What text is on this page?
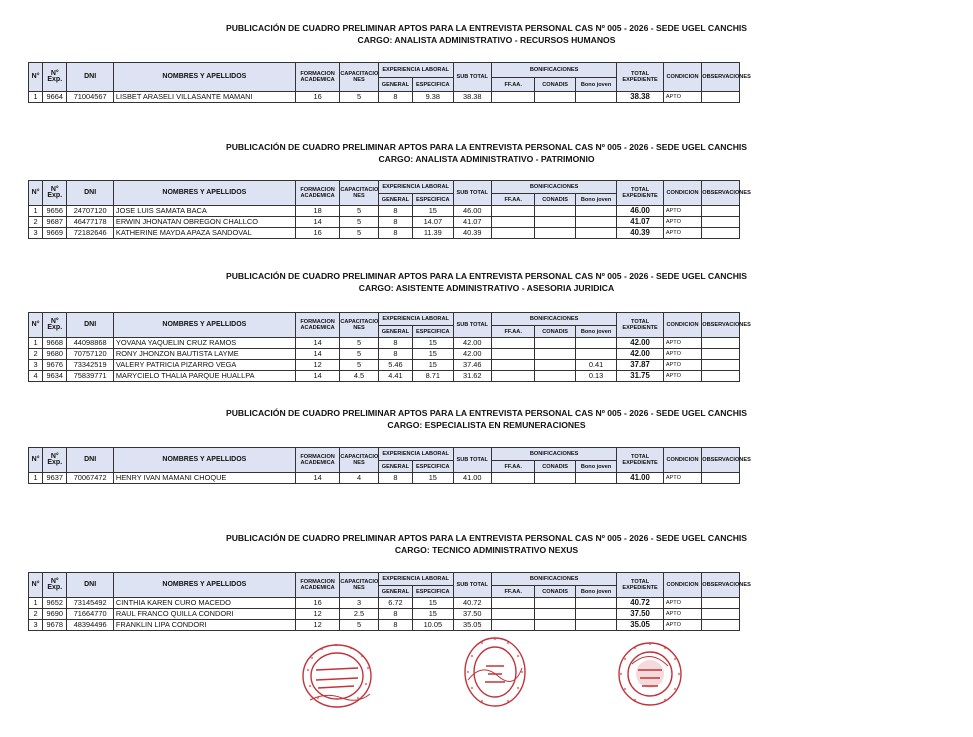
PUBLICACIÓN DE CUADRO PRELIMINAR APTOS PARA LA ENTREVISTA PERSONAL CAS Nº 005 - 2026 - SEDE UGEL CANCHIS
CARGO: ANALISTA ADMINISTRATIVO - RECURSOS HUMANOS
PUBLICACIÓN DE CUADRO PRELIMINAR APTOS PARA LA ENTREVISTA PERSONAL CAS Nº 005 - 2026 - SEDE UGEL CANCHIS
CARGO: ANALISTA ADMINISTRATIVO - PATRIMONIO
PUBLICACIÓN DE CUADRO PRELIMINAR APTOS PARA LA ENTREVISTA PERSONAL CAS Nº 005 - 2026 - SEDE UGEL CANCHIS
CARGO: ASISTENTE ADMINISTRATIVO - ASESORIA JURIDICA
PUBLICACIÓN DE CUADRO PRELIMINAR APTOS PARA LA ENTREVISTA PERSONAL CAS Nº 005 - 2026 - SEDE UGEL CANCHIS
CARGO: ESPECIALISTA EN REMUNERACIONES
PUBLICACIÓN DE CUADRO PRELIMINAR APTOS PARA LA ENTREVISTA PERSONAL CAS Nº 005 - 2026 - SEDE UGEL CANCHIS
CARGO: TECNICO ADMINISTRATIVO NEXUS
N°	N°
Exp.	DNI	NOMBRES Y APELLIDOS	FORMACION
ACADEMICA	CAPACITACIO
NES	EXPERIENCIA LABORAL		SUB TOTAL	BONIFICACIONES			TOTAL
EXPEDIENTE	CONDICION	OBSERVACIONES
						GENERAL	ESPECIFICA		FF.AA.	CONADIS	Bono joven			
1	9664	71004567	LISBET ARASELI VILLASANTE MAMANI	16	5	8	9.38	38.38				38.38	APTO	
N°	N°
Exp.	DNI	NOMBRES Y APELLIDOS	FORMACION
ACADEMICA	CAPACITACIO
NES	EXPERIENCIA LABORAL		SUB TOTAL	BONIFICACIONES			TOTAL
EXPEDIENTE	CONDICION	OBSERVACIONES
						GENERAL	ESPECIFICA		FF.AA.	CONADIS	Bono joven			
1	9656	24707120	JOSE LUIS SAMATA BACA	18	5	8	15	46.00				46.00	APTO	
2	9687	46477178	ERWIN JHONATAN OBREGON CHALLCO	14	5	8	14.07	41.07				41.07	APTO	
3	9669	72182646	KATHERINE MAYDA APAZA SANDOVAL	16	5	8	11.39	40.39				40.39	APTO	
N°	N°
Exp.	DNI	NOMBRES Y APELLIDOS	FORMACION
ACADEMICA	CAPACITACIO
NES	EXPERIENCIA LABORAL		SUB TOTAL	BONIFICACIONES			TOTAL
EXPEDIENTE	CONDICION	OBSERVACIONES
						GENERAL	ESPECIFICA		FF.AA.	CONADIS	Bono joven			
1	9668	44098868	YOVANA YAQUELIN CRUZ RAMOS	14	5	8	15	42.00				42.00	APTO	
2	9680	70757120	RONY JHONZON BAUTISTA LAYME	14	5	8	15	42.00				42.00	APTO	
3	9676	73342519	VALERY PATRICIA PIZARRO VEGA	12	5	5.46	15	37.46			0.41	37.87	APTO	
4	9634	75839771	MARYCIELO THALIA PARQUE HUALLPA	14	4.5	4.41	8.71	31.62			0.13	31.75	APTO	
N°	N°
Exp.	DNI	NOMBRES Y APELLIDOS	FORMACION
ACADEMICA	CAPACITACIO
NES	EXPERIENCIA LABORAL		SUB TOTAL	BONIFICACIONES			TOTAL
EXPEDIENTE	CONDICION	OBSERVACIONES
						GENERAL	ESPECIFICA		FF.AA.	CONADIS	Bono joven			
1	9637	70067472	HENRY IVAN MAMANI CHOQUE	14	4	8	15	41.00				41.00	APTO	
N°	N°
Exp.	DNI	NOMBRES Y APELLIDOS	FORMACION
ACADEMICA	CAPACITACIO
NES	EXPERIENCIA LABORAL		SUB TOTAL	BONIFICACIONES			TOTAL
EXPEDIENTE	CONDICION	OBSERVACIONES
						GENERAL	ESPECIFICA		FF.AA.	CONADIS	Bono joven			
1	9652	73145492	CINTHIA KAREN CURO MACEDO	16	3	6.72	15	40.72				40.72	APTO	
2	9690	71664770	RAUL FRANCO QUILLA CONDORI	12	2.5	8	15	37.50				37.50	APTO	
3	9678	48394496	FRANKLIN LIPA CONDORI	12	5	8	10.05	35.05				35.05	APTO	
